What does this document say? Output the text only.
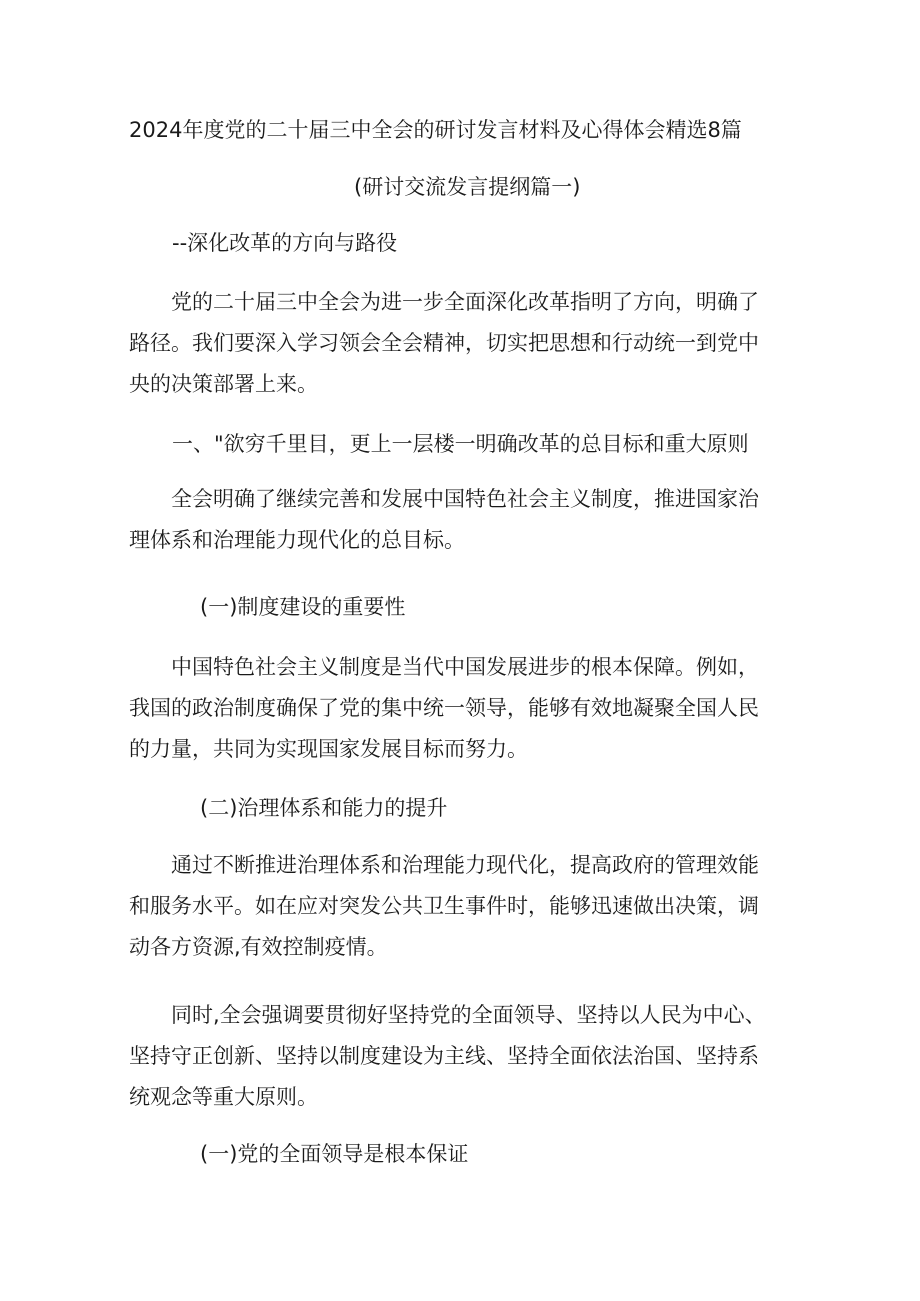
2024年度党的二十届三中全会的研讨发言材料及心得体会精选8篇
(研讨交流发言提纲篇一)
--深化改革的方向与路役
党的二十届三中全会为进一步全面深化改革指明了方向，明确了路径。我们要深入学习领会全会精神，切实把思想和行动统一到党中央的决策部署上来。
一、"欲穷千里目，更上一层楼一明确改革的总目标和重大原则
全会明确了继续完善和发展中国特色社会主义制度，推进国家治理体系和治理能力现代化的总目标。
(一)制度建设的重要性
中国特色社会主义制度是当代中国发展进步的根本保障。例如，我国的政治制度确保了党的集中统一领导，能够有效地凝聚全国人民的力量，共同为实现国家发展目标而努力。
(二)治理体系和能力的提升
通过不断推进治理体系和治理能力现代化，提高政府的管理效能和服务水平。如在应对突发公共卫生事件时，能够迅速做出决策，调动各方资源,有效控制疫情。
同时,全会强调要贯彻好坚持党的全面领导、坚持以人民为中心、坚持守正创新、坚持以制度建设为主线、坚持全面依法治国、坚持系统观念等重大原则。
(一)党的全面领导是根本保证
